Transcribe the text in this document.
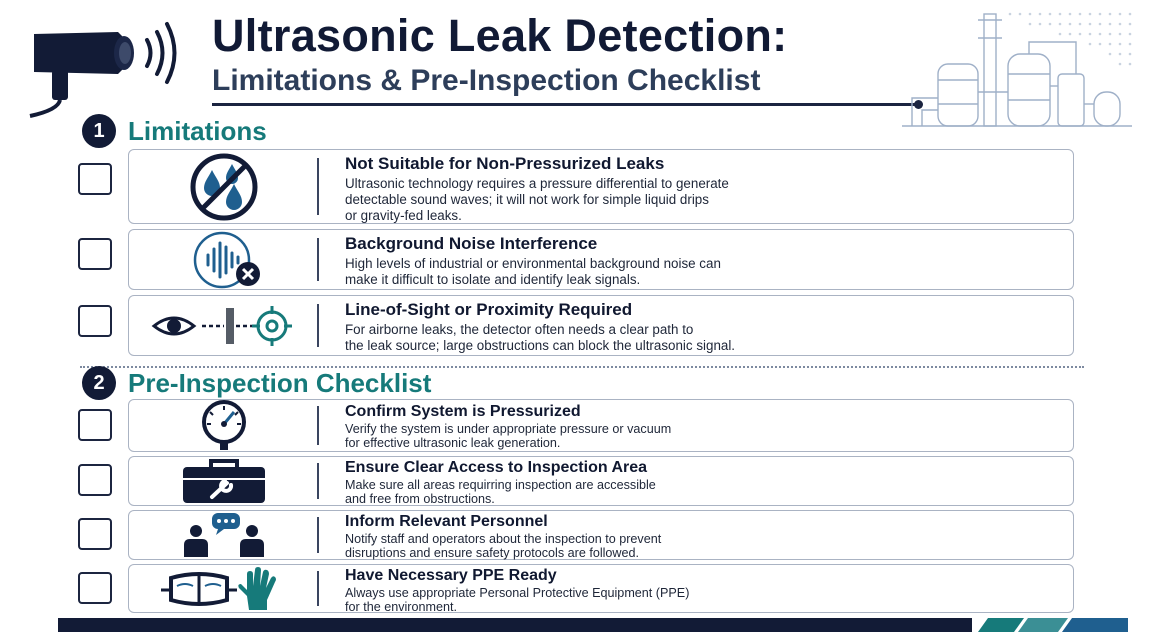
Ultrasonic Leak Detection:
Limitations & Pre-Inspection Checklist
1 Limitations
Not Suitable for Non-Pressurized Leaks
Ultrasonic technology requires a pressure differential to generate
detectable sound waves; it will not work for simple liquid drips
or gravity-fed leaks.
Background Noise Interference
High levels of industrial or environmental background noise can
make it difficult to isolate and identify leak signals.
Line-of-Sight or Proximity Required
For airborne leaks, the detector often needs a clear path to
the leak source; large obstructions can block the ultrasonic signal.
2 Pre-Inspection Checklist
Confirm System is Pressurized
Verify the system is under appropriate pressure or vacuum
for effective ultrasonic leak generation.
Ensure Clear Access to Inspection Area
Make sure all areas requirring inspection are accessible
and free from obstructions.
Inform Relevant Personnel
Notify staff and operators about the inspection to prevent
disruptions and ensure safety protocols are followed.
Have Necessary PPE Ready
Always use appropriate Personal Protective Equipment (PPE)
for the environment.
